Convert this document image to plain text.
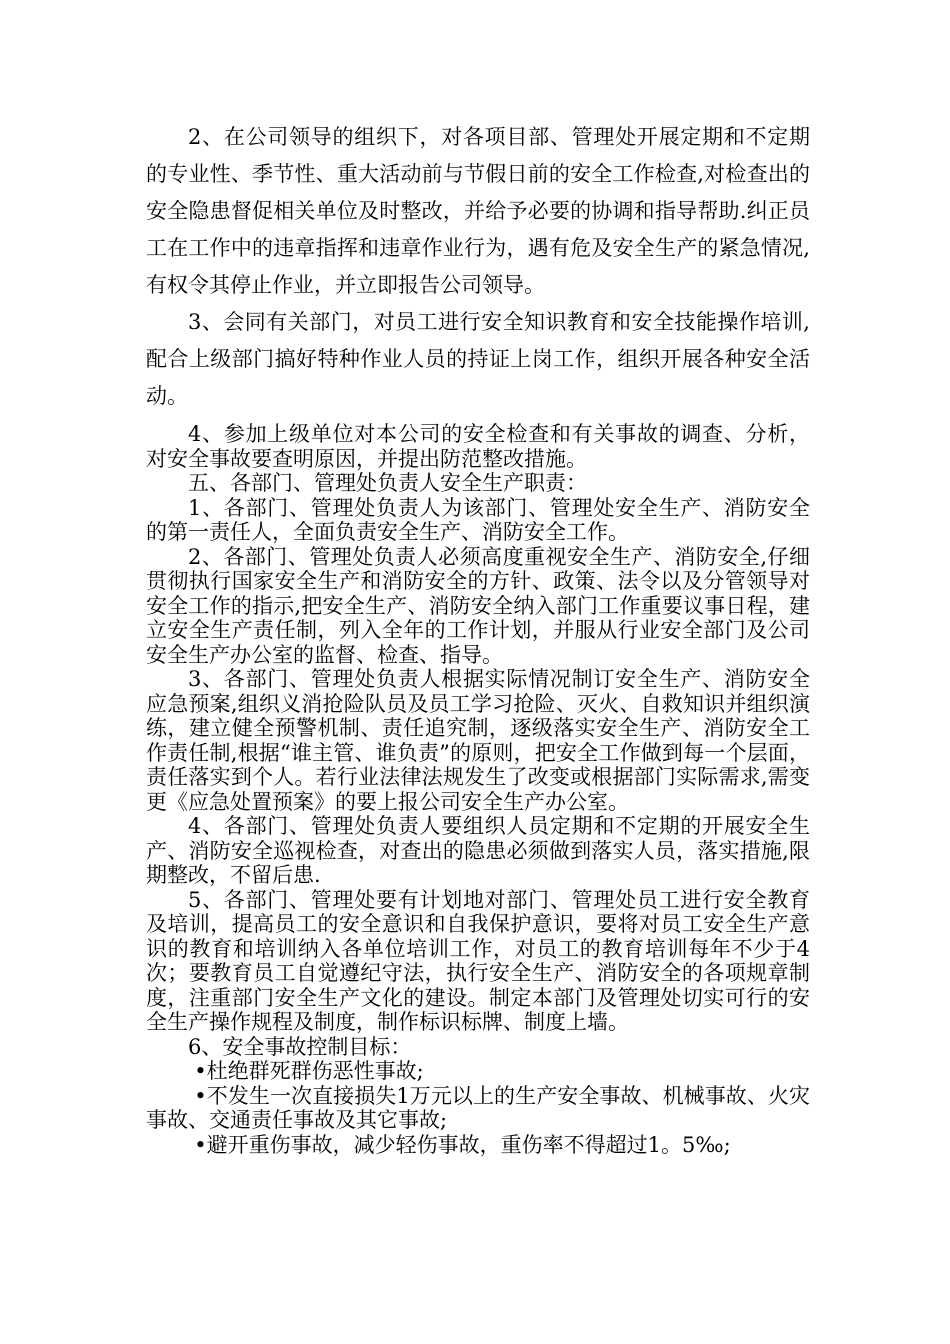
2、在公司领导的组织下，对各项目部、管理处开展定期和不定期的专业性、季节性、重大活动前与节假日前的安全工作检查,对检查出的安全隐患督促相关单位及时整改，并给予必要的协调和指导帮助.纠正员工在工作中的违章指挥和违章作业行为，遇有危及安全生产的紧急情况,有权令其停止作业，并立即报告公司领导。

3、会同有关部门，对员工进行安全知识教育和安全技能操作培训,配合上级部门搞好特种作业人员的持证上岗工作，组织开展各种安全活动。

4、参加上级单位对本公司的安全检查和有关事故的调查、分析，对安全事故要查明原因，并提出防范整改措施。

五、各部门、管理处负责人安全生产职责：

1、各部门、管理处负责人为该部门、管理处安全生产、消防安全的第一责任人，全面负责安全生产、消防安全工作。

2、各部门、管理处负责人必须高度重视安全生产、消防安全,仔细贯彻执行国家安全生产和消防安全的方针、政策、法令以及分管领导对安全工作的指示,把安全生产、消防安全纳入部门工作重要议事日程，建立安全生产责任制，列入全年的工作计划，并服从行业安全部门及公司安全生产办公室的监督、检查、指导。

3、各部门、管理处负责人根据实际情况制订安全生产、消防安全应急预案,组织义消抢险队员及员工学习抢险、灭火、自救知识并组织演练，建立健全预警机制、责任追究制，逐级落实安全生产、消防安全工作责任制,根据“谁主管、谁负责”的原则，把安全工作做到每一个层面，责任落实到个人。若行业法律法规发生了改变或根据部门实际需求,需变更《应急处置预案》的要上报公司安全生产办公室。

4、各部门、管理处负责人要组织人员定期和不定期的开展安全生产、消防安全巡视检查，对查出的隐患必须做到落实人员，落实措施,限期整改，不留后患.

5、各部门、管理处要有计划地对部门、管理处员工进行安全教育及培训，提高员工的安全意识和自我保护意识，要将对员工安全生产意识的教育和培训纳入各单位培训工作，对员工的教育培训每年不少于4次；要教育员工自觉遵纪守法，执行安全生产、消防安全的各项规章制度，注重部门安全生产文化的建设。制定本部门及管理处切实可行的安全生产操作规程及制度，制作标识标牌、制度上墙。

6、安全事故控制目标：

•杜绝群死群伤恶性事故;

•不发生一次直接损失1万元以上的生产安全事故、机械事故、火灾事故、交通责任事故及其它事故;

•避开重伤事故，减少轻伤事故，重伤率不得超过1。5‰;
